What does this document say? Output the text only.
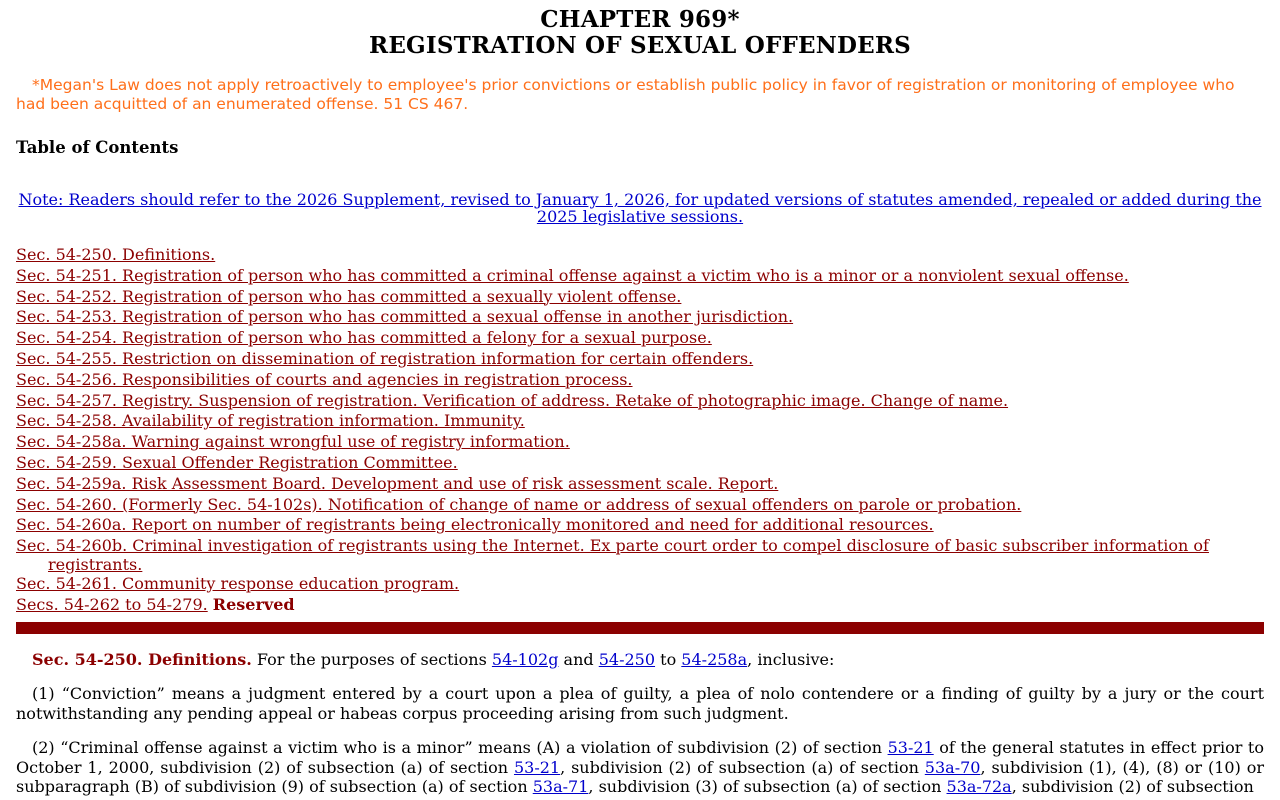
CHAPTER 969*
REGISTRATION OF SEXUAL OFFENDERS
*Megan's Law does not apply retroactively to employee's prior convictions or establish public policy in favor of registration or monitoring of employee who had been acquitted of an enumerated offense. 51 CS 467.
Table of Contents
Note: Readers should refer to the 2026 Supplement, revised to January 1, 2026, for updated versions of statutes amended, repealed or added during the 2025 legislative sessions.
Sec. 54-250. Definitions.
Sec. 54-251. Registration of person who has committed a criminal offense against a victim who is a minor or a nonviolent sexual offense.
Sec. 54-252. Registration of person who has committed a sexually violent offense.
Sec. 54-253. Registration of person who has committed a sexual offense in another jurisdiction.
Sec. 54-254. Registration of person who has committed a felony for a sexual purpose.
Sec. 54-255. Restriction on dissemination of registration information for certain offenders.
Sec. 54-256. Responsibilities of courts and agencies in registration process.
Sec. 54-257. Registry. Suspension of registration. Verification of address. Retake of photographic image. Change of name.
Sec. 54-258. Availability of registration information. Immunity.
Sec. 54-258a. Warning against wrongful use of registry information.
Sec. 54-259. Sexual Offender Registration Committee.
Sec. 54-259a. Risk Assessment Board. Development and use of risk assessment scale. Report.
Sec. 54-260. (Formerly Sec. 54-102s). Notification of change of name or address of sexual offenders on parole or probation.
Sec. 54-260a. Report on number of registrants being electronically monitored and need for additional resources.
Sec. 54-260b. Criminal investigation of registrants using the Internet. Ex parte court order to compel disclosure of basic subscriber information of registrants.
Sec. 54-261. Community response education program.
Secs. 54-262 to 54-279. Reserved
Sec. 54-250. Definitions. For the purposes of sections 54-102g and 54-250 to 54-258a, inclusive:
(1) “Conviction” means a judgment entered by a court upon a plea of guilty, a plea of nolo contendere or a finding of guilty by a jury or the court notwithstanding any pending appeal or habeas corpus proceeding arising from such judgment.
(2) “Criminal offense against a victim who is a minor” means (A) a violation of subdivision (2) of section 53-21 of the general statutes in effect prior to October 1, 2000, subdivision (2) of subsection (a) of section 53-21, subdivision (2) of subsection (a) of section 53a-70, subdivision (1), (4), (8) or (10) or subparagraph (B) of subdivision (9) of subsection (a) of section 53a-71, subdivision (3) of subsection (a) of section 53a-72a, subdivision (2) of subsection
